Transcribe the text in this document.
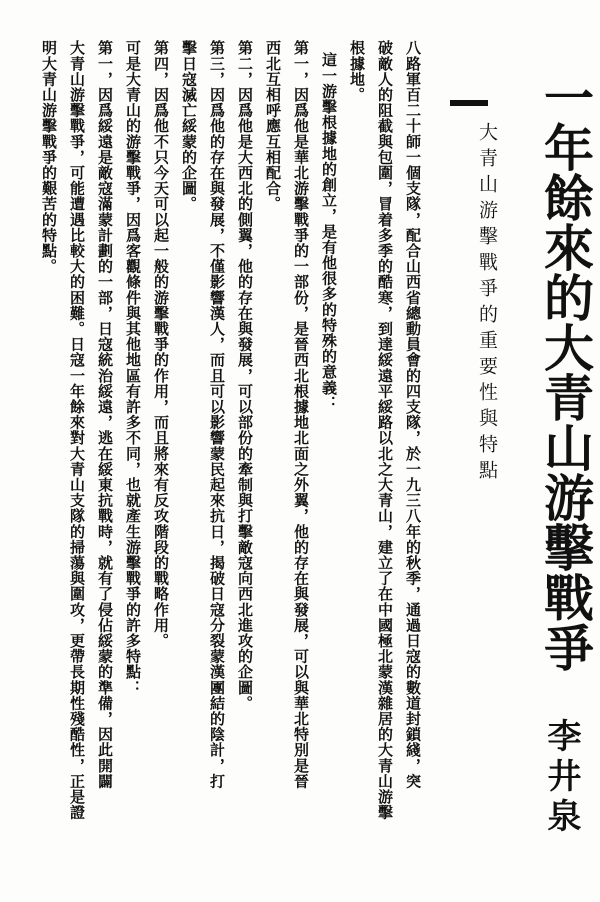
一年餘來的大青山游擊戰爭
大青山游擊戰爭的重要性與特點
李井泉
八路軍百二十師一個支隊，配合山西省總動員會的四支隊，於一九三八年的秋季，通過日寇的數道封鎖綫，突
破敵人的阻截與包圍，冒着多季的酷寒，到達綏遠平綏路以北之大青山，建立了在中國極北蒙漢雜居的大青山游擊
根據地。
這一游擊根據地的創立，是有他很多的特殊的意義：
第一，因爲他是華北游擊戰爭的一部份，是晉西北根據地北面之外翼，他的存在與發展，可以與華北特別是晉
西北互相呼應互相配合。
第二，因爲他是大西北的側翼，他的存在與發展，可以部份的牽制與打擊敵寇向西北進攻的企圖。
第三，因爲他的存在與發展，不僅影響漢人，而且可以影響蒙民起來抗日，揭破日寇分裂蒙漢團結的陰計，打
擊日寇滅亡綏蒙的企圖。
第四，因爲他不只今天可以起一般的游擊戰爭的作用，而且將來有反攻階段的戰略作用。
可是大青山的游擊戰爭，因爲客觀條件與其他地區有許多不同，也就產生游擊戰爭的許多特點：
第一，因爲綏遠是敵寇滿蒙計劃的一部，日寇統治綏遠，逃在綏東抗戰時，就有了侵佔綏蒙的準備，因此開闢
大青山游擊戰爭，可能遭遇比較大的困難。日寇一年餘來對大青山支隊的掃蕩與圍攻，更帶長期性殘酷性，正是證
明大青山游擊戰爭的艱苦的特點。
